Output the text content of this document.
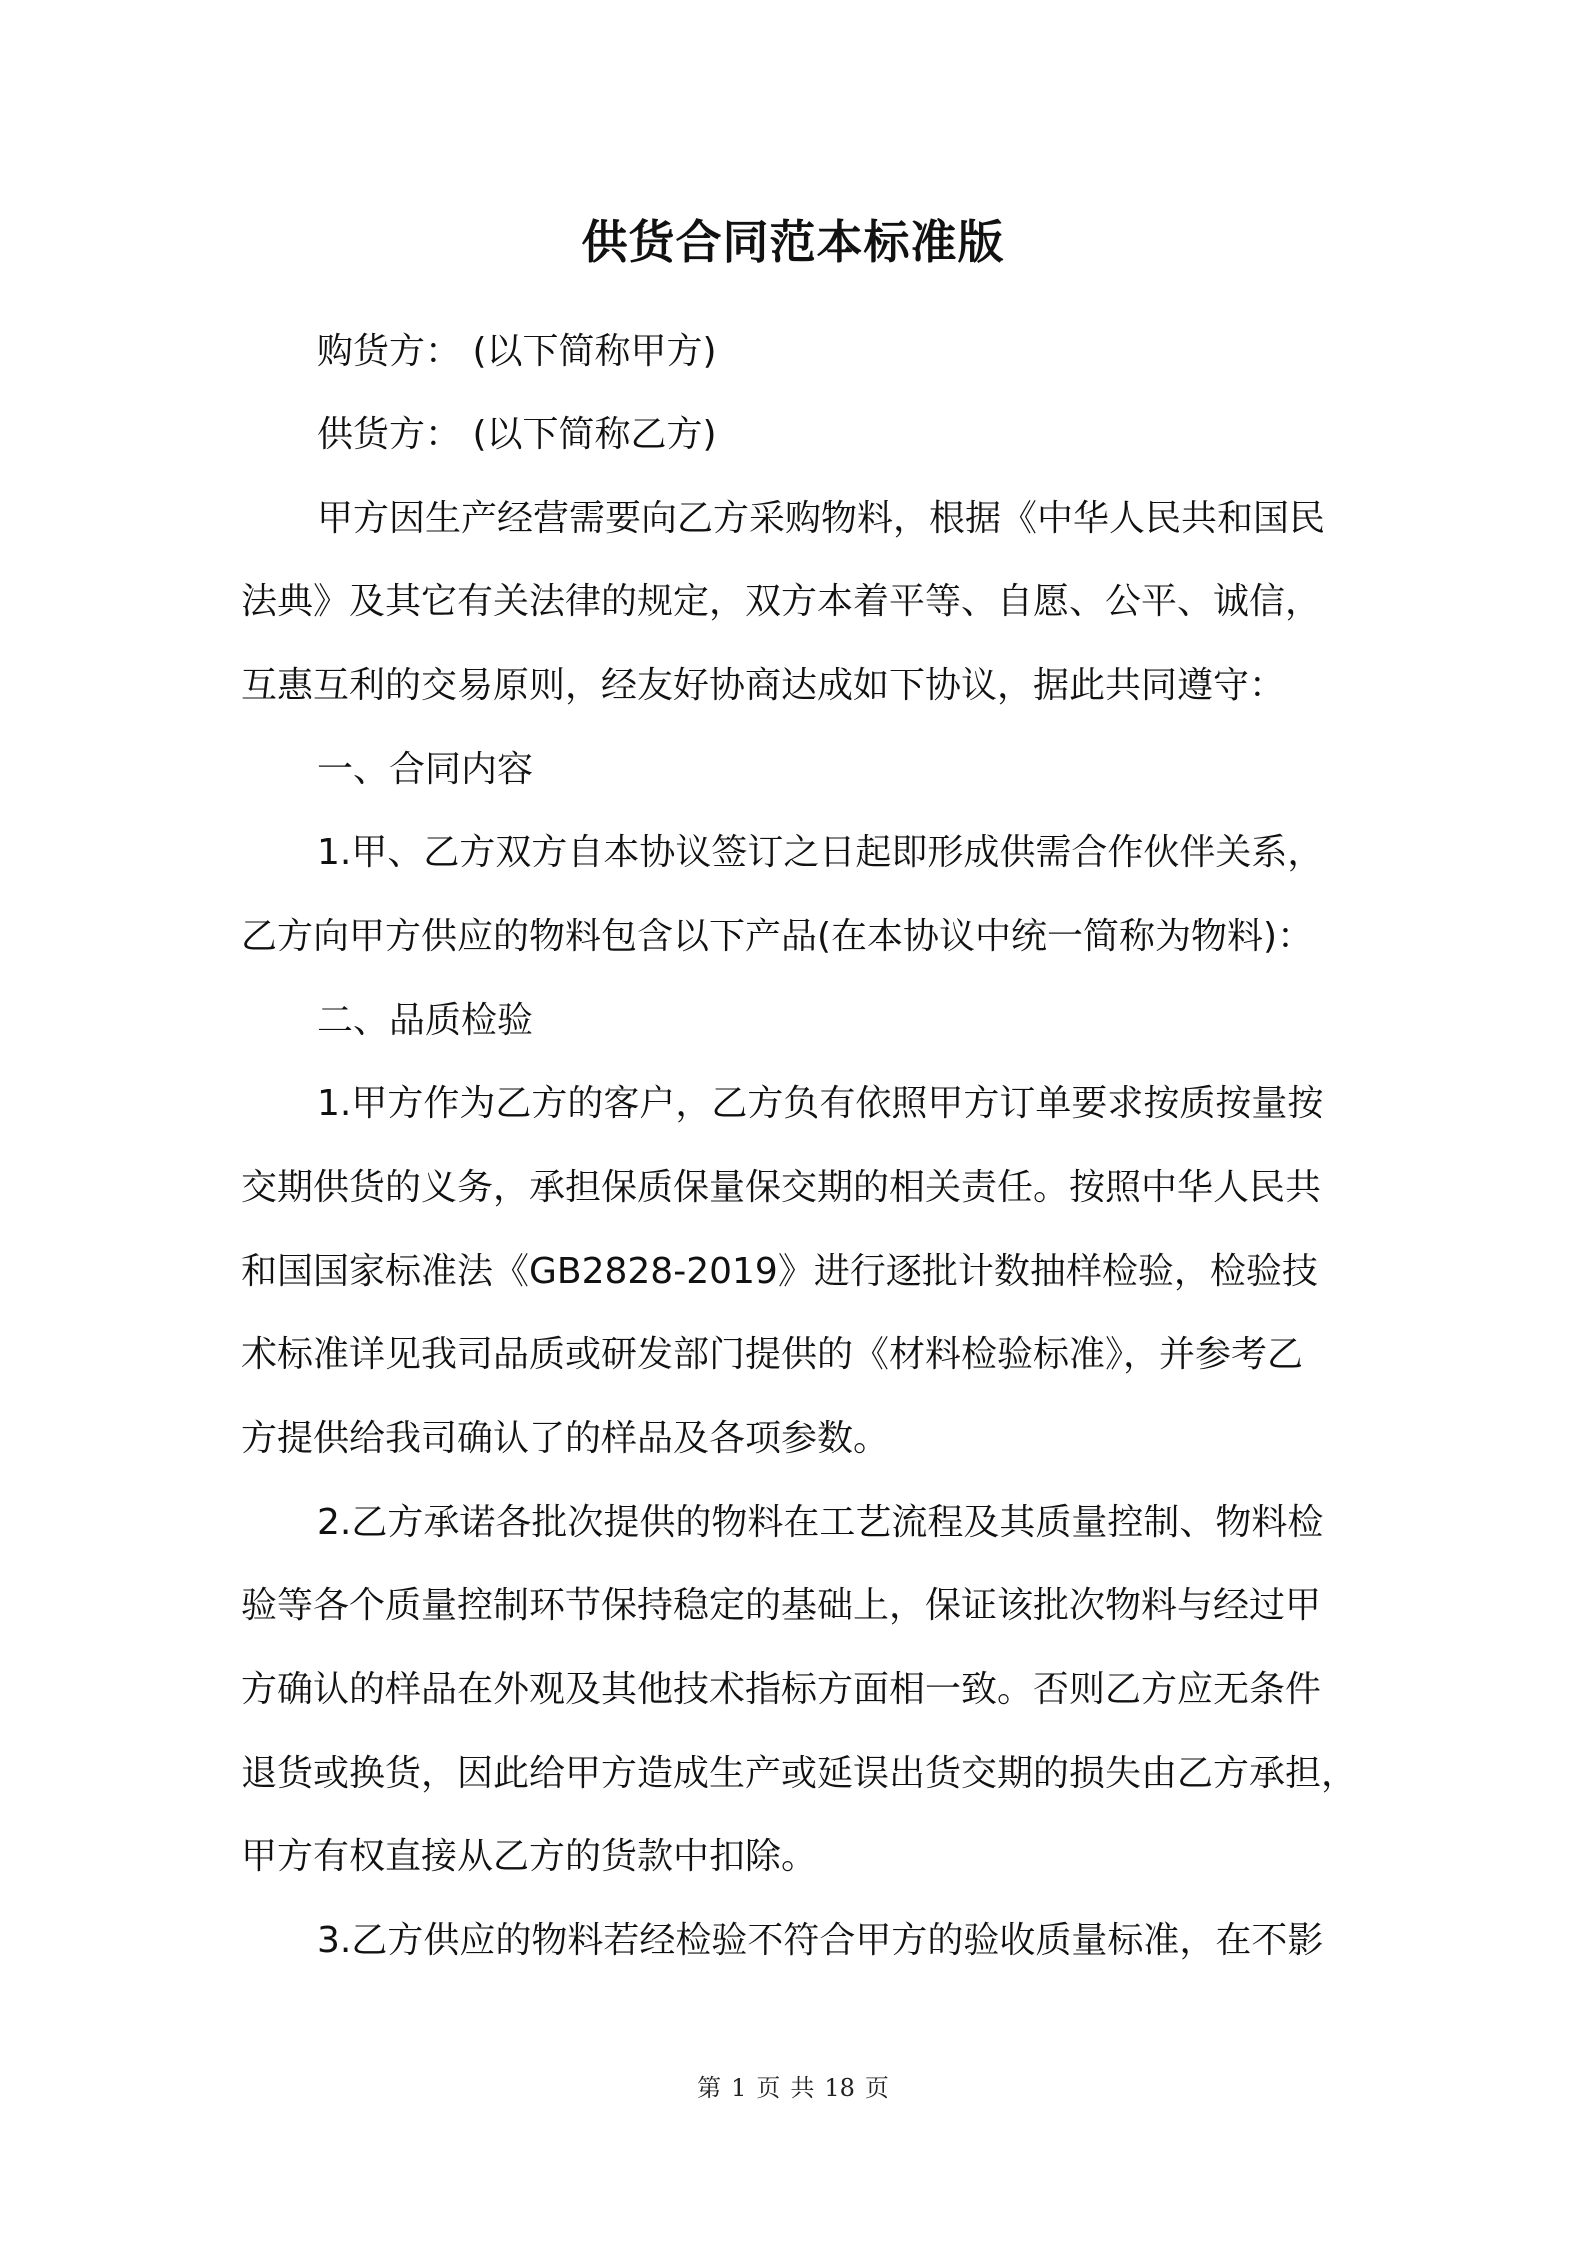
供货合同范本标准版
购货方： (以下简称甲方)
供货方： (以下简称乙方)
甲方因生产经营需要向乙方采购物料，根据《中华人民共和国民
法典》及其它有关法律的规定，双方本着平等、自愿、公平、诚信，
互惠互利的交易原则，经友好协商达成如下协议，据此共同遵守：
一、合同内容
1.甲、乙方双方自本协议签订之日起即形成供需合作伙伴关系，
乙方向甲方供应的物料包含以下产品(在本协议中统一简称为物料)：
二、品质检验
1.甲方作为乙方的客户，乙方负有依照甲方订单要求按质按量按
交期供货的义务，承担保质保量保交期的相关责任。按照中华人民共
和国国家标准法《GB2828-2019》进行逐批计数抽样检验，检验技
术标准详见我司品质或研发部门提供的《材料检验标准》，并参考乙
方提供给我司确认了的样品及各项参数。
2.乙方承诺各批次提供的物料在工艺流程及其质量控制、物料检
验等各个质量控制环节保持稳定的基础上，保证该批次物料与经过甲
方确认的样品在外观及其他技术指标方面相一致。否则乙方应无条件
退货或换货，因此给甲方造成生产或延误出货交期的损失由乙方承担，
甲方有权直接从乙方的货款中扣除。
3.乙方供应的物料若经检验不符合甲方的验收质量标准，在不影
第 1 页 共 18 页
